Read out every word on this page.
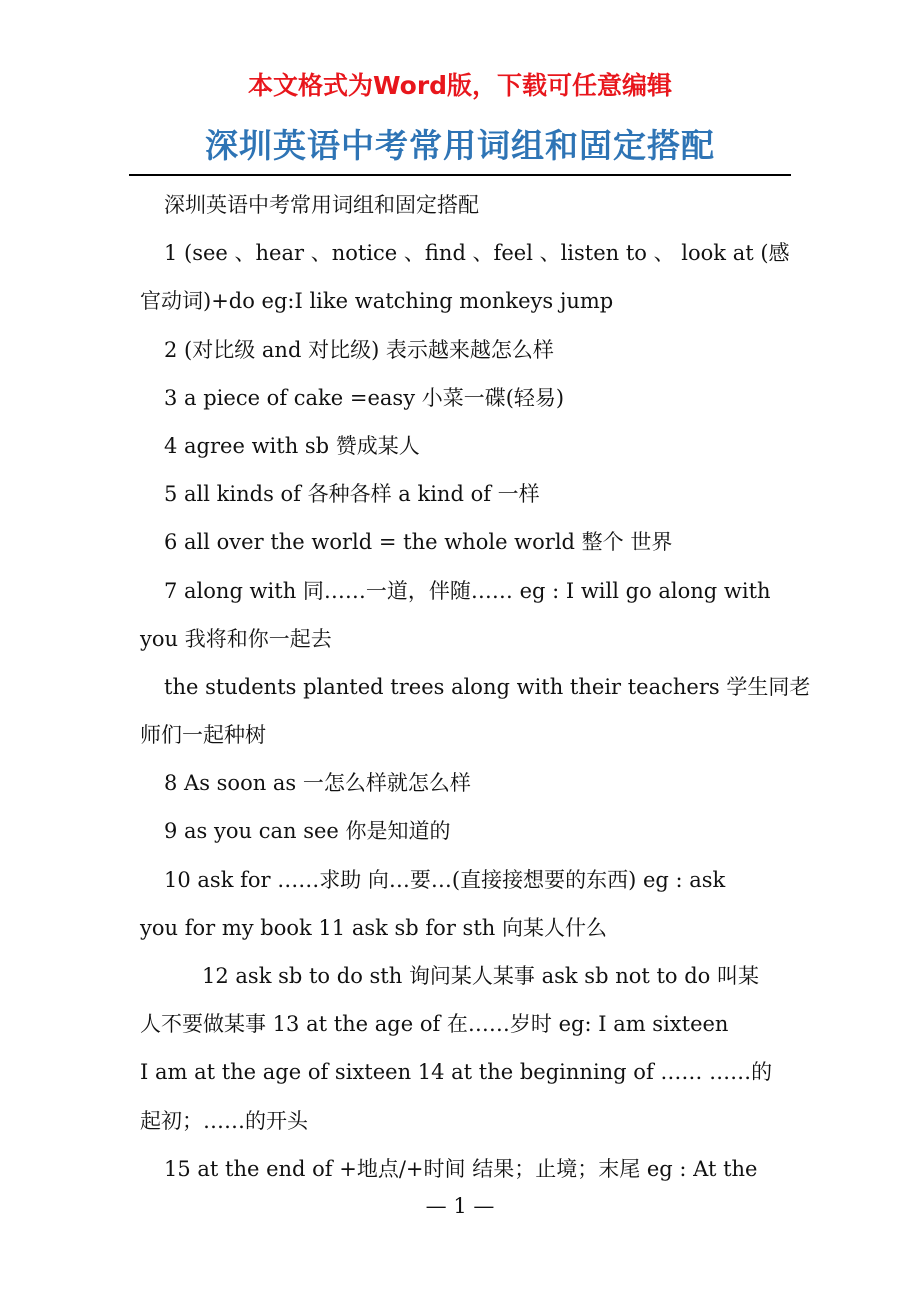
本文格式为Word版，下载可任意编辑
深圳英语中考常用词组和固定搭配
深圳英语中考常用词组和固定搭配
1 (see 、hear 、notice 、find 、feel 、listen to 、 look at (感
官动词)+do eg:I like watching monkeys jump
2 (对比级 and 对比级) 表示越来越怎么样
3 a piece of cake =easy 小菜一碟(轻易)
4 agree with sb 赞成某人
5 all kinds of 各种各样 a kind of 一样
6 all over the world = the whole world 整个 世界
7 along with 同……一道，伴随…… eg : I will go along with
you 我将和你一起去
the students planted trees along with their teachers 学生同老
师们一起种树
8 As soon as 一怎么样就怎么样
9 as you can see 你是知道的
10 ask for ……求助 向…要…(直接接想要的东西) eg : ask
you for my book 11 ask sb for sth 向某人什么
12 ask sb to do sth 询问某人某事 ask sb not to do 叫某
人不要做某事 13 at the age of 在……岁时 eg: I am sixteen
I am at the age of sixteen 14 at the beginning of …… ……的
起初；……的开头
15 at the end of +地点/+时间 结果；止境；末尾 eg : At the
— 1 —
